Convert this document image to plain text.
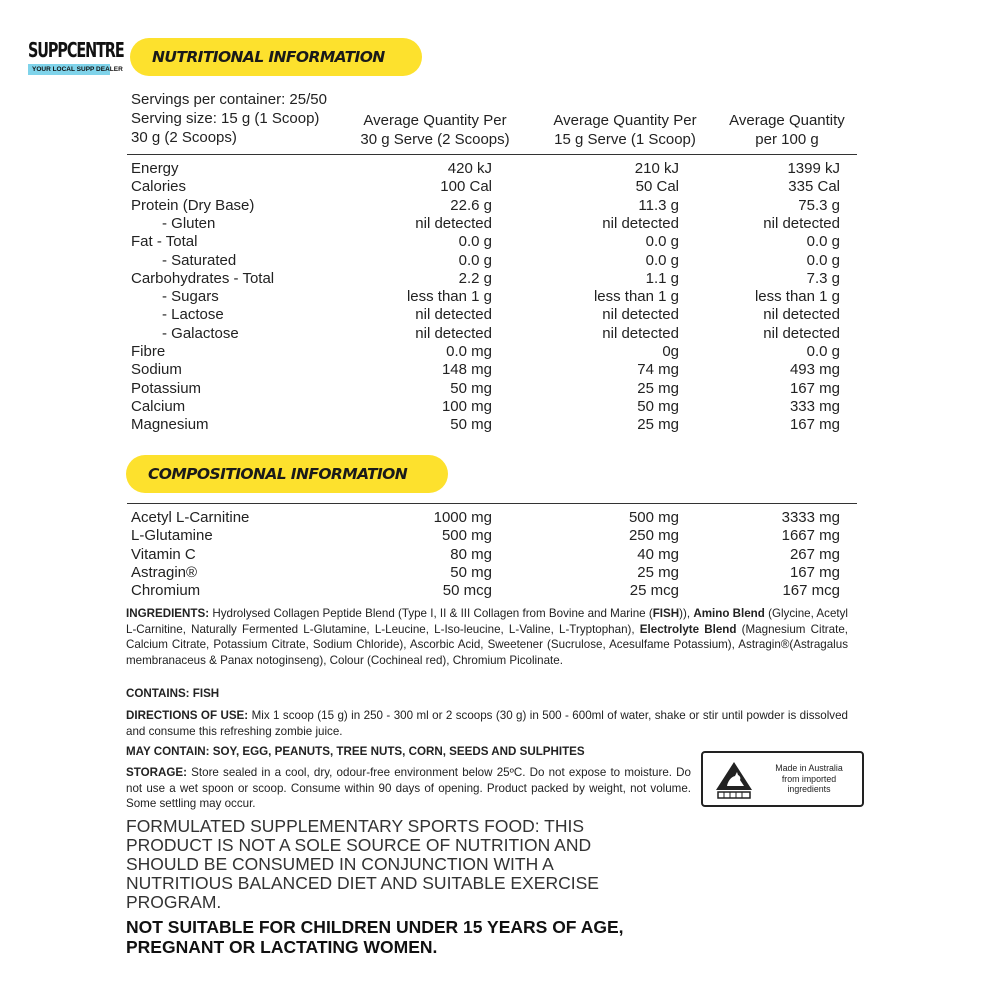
SUPPCENTRE
YOUR LOCAL SUPP DEALER
NUTRITIONAL INFORMATION
Servings per container: 25/50
Serving size: 15 g (1 Scoop)
30 g (2 Scoops)
Average Quantity Per
30 g Serve (2 Scoops)
Average Quantity Per
15 g Serve (1 Scoop)
Average Quantity
per 100 g
Energy	420 kJ	210 kJ	1399 kJ
Calories	100 Cal	50 Cal	335 Cal
Protein (Dry Base)	22.6 g	11.3 g	75.3 g
- Gluten	nil detected	nil detected	nil detected
Fat - Total	0.0 g	0.0 g	0.0 g
- Saturated	0.0 g	0.0 g	0.0 g
Carbohydrates - Total	2.2 g	1.1 g	7.3 g
- Sugars	less than 1 g	less than 1 g	less than 1 g
- Lactose	nil detected	nil detected	nil detected
- Galactose	nil detected	nil detected	nil detected
Fibre	0.0 mg	0g	0.0 g
Sodium	148 mg	74 mg	493 mg
Potassium	50 mg	25 mg	167 mg
Calcium	100 mg	50 mg	333 mg
Magnesium	50 mg	25 mg	167 mg
COMPOSITIONAL INFORMATION
Acetyl L-Carnitine	1000 mg	500 mg	3333 mg
L-Glutamine	500 mg	250 mg	1667 mg
Vitamin C	80 mg	40 mg	267 mg
Astragin®	50 mg	25 mg	167 mg
Chromium	50 mcg	25 mcg	167 mcg
INGREDIENTS: Hydrolysed Collagen Peptide Blend (Type I, II & III Collagen from Bovine and Marine (FISH)), Amino Blend (Glycine, Acetyl L-Carnitine, Naturally Fermented L-Glutamine, L-Leucine, L-Iso-leucine, L-Valine, L-Tryptophan), Electrolyte Blend (Magnesium Citrate, Calcium Citrate, Potassium Citrate, Sodium Chloride), Ascorbic Acid, Sweetener (Sucrulose, Acesulfame Potassium), Astragin®(Astragalus membranaceus & Panax notoginseng), Colour (Cochineal red), Chromium Picolinate.
CONTAINS: FISH
DIRECTIONS OF USE: Mix 1 scoop (15 g) in 250 - 300 ml or 2 scoops (30 g) in 500 - 600ml of water, shake or stir until powder is dissolved and consume this refreshing zombie juice.
MAY CONTAIN: SOY, EGG, PEANUTS, TREE NUTS, CORN, SEEDS AND SULPHITES
STORAGE: Store sealed in a cool, dry, odour-free environment below 25ºC. Do not expose to moisture. Do not use a wet spoon or scoop. Consume within 90 days of opening. Product packed by weight, not volume. Some settling may occur.
Made in Australia
from imported
ingredients
FORMULATED SUPPLEMENTARY SPORTS FOOD: THIS PRODUCT IS NOT A SOLE SOURCE OF NUTRITION AND SHOULD BE CONSUMED IN CONJUNCTION WITH A NUTRITIOUS BALANCED DIET AND SUITABLE EXERCISE PROGRAM.
NOT SUITABLE FOR CHILDREN UNDER 15 YEARS OF AGE, PREGNANT OR LACTATING WOMEN.
